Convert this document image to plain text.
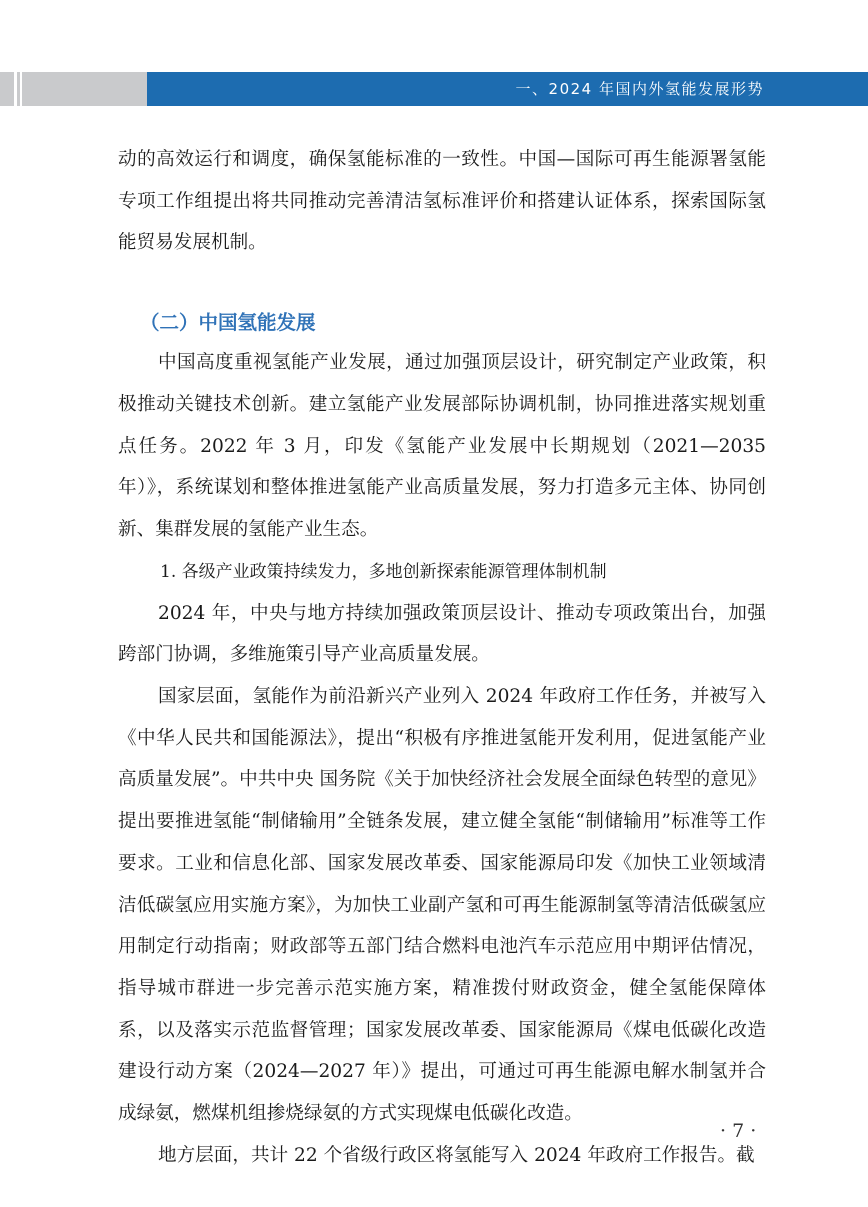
一、2024 年国内外氢能发展形势

动的高效运行和调度，确保氢能标准的一致性。中国—国际可再生能源署氢能专项工作组提出将共同推动完善清洁氢标准评价和搭建认证体系，探索国际氢能贸易发展机制。

（二）中国氢能发展

中国高度重视氢能产业发展，通过加强顶层设计，研究制定产业政策，积极推动关键技术创新。建立氢能产业发展部际协调机制，协同推进落实规划重点任务。2022 年 3 月，印发《氢能产业发展中长期规划（2021—2035 年）》，系统谋划和整体推进氢能产业高质量发展，努力打造多元主体、协同创新、集群发展的氢能产业生态。

1. 各级产业政策持续发力，多地创新探索能源管理体制机制

2024 年，中央与地方持续加强政策顶层设计、推动专项政策出台，加强跨部门协调，多维施策引导产业高质量发展。

国家层面，氢能作为前沿新兴产业列入 2024 年政府工作任务，并被写入《中华人民共和国能源法》，提出“积极有序推进氢能开发利用，促进氢能产业高质量发展”。中共中央 国务院《关于加快经济社会发展全面绿色转型的意见》提出要推进氢能“制储输用”全链条发展，建立健全氢能“制储输用”标准等工作要求。工业和信息化部、国家发展改革委、国家能源局印发《加快工业领域清洁低碳氢应用实施方案》，为加快工业副产氢和可再生能源制氢等清洁低碳氢应用制定行动指南；财政部等五部门结合燃料电池汽车示范应用中期评估情况，指导城市群进一步完善示范实施方案，精准拨付财政资金，健全氢能保障体系，以及落实示范监督管理；国家发展改革委、国家能源局《煤电低碳化改造建设行动方案（2024—2027 年）》提出，可通过可再生能源电解水制氢并合成绿氨，燃煤机组掺烧绿氨的方式实现煤电低碳化改造。

地方层面，共计 22 个省级行政区将氢能写入 2024 年政府工作报告。截

· 7 ·
